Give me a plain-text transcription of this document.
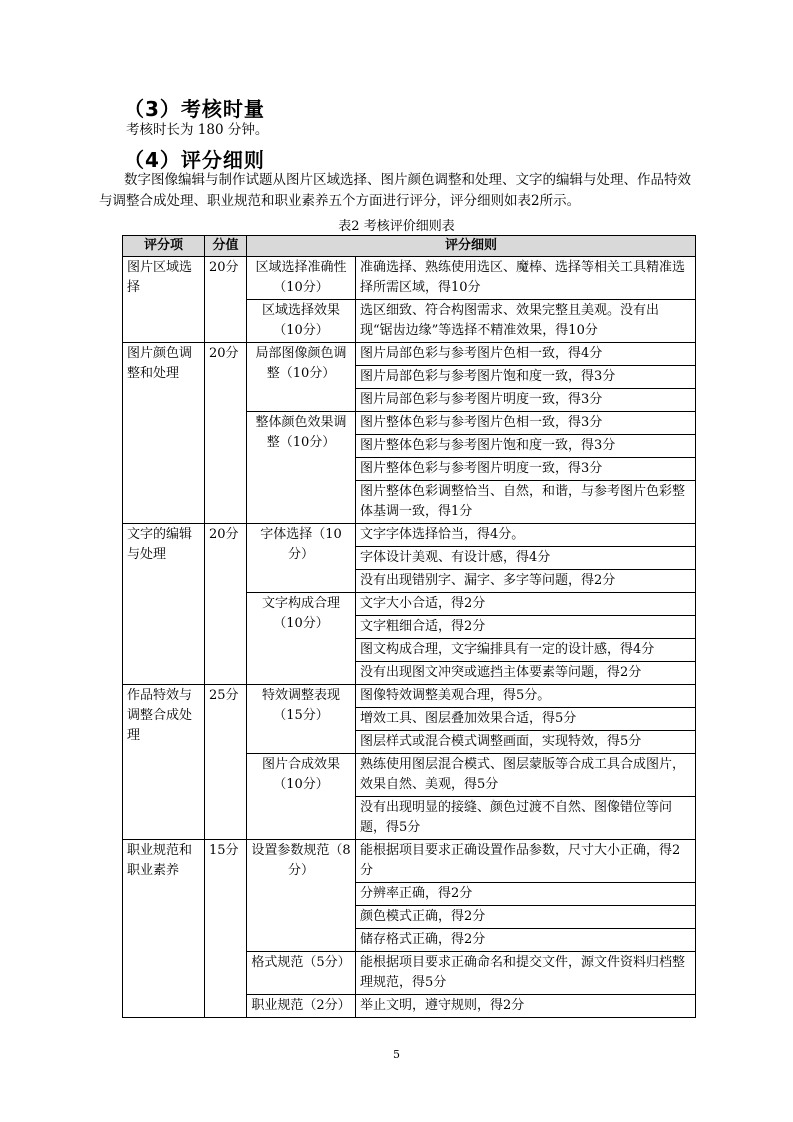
（3）考核时量
考核时长为 180 分钟。
（4）评分细则
数字图像编辑与制作试题从图片区域选择、图片颜色调整和处理、文字的编辑与处理、作品特效
与调整合成处理、职业规范和职业素养五个方面进行评分，评分细则如表2所示。
表2 考核评价细则表
评分项	分值	评分细则	
图片区域选择	20分	区域选择准确性（10分）	准确选择、熟练使用选区、魔棒、选择等相关工具精准选择所需区域，得10分
		区域选择效果（10分）	选区细致、符合构图需求、效果完整且美观。没有出现“锯齿边缘”等选择不精准效果，得10分
图片颜色调整和处理	20分	局部图像颜色调整（10分）	图片局部色彩与参考图片色相一致，得4分
			图片局部色彩与参考图片饱和度一致，得3分
			图片局部色彩与参考图片明度一致，得3分
		整体颜色效果调整（10分）	图片整体色彩与参考图片色相一致，得3分
			图片整体色彩与参考图片饱和度一致，得3分
			图片整体色彩与参考图片明度一致，得3分
			图片整体色彩调整恰当、自然，和谐，与参考图片色彩整体基调一致，得1分
文字的编辑与处理	20分	字体选择（10分）	文字字体选择恰当，得4分。
			字体设计美观、有设计感，得4分
			没有出现错别字、漏字、多字等问题，得2分
		文字构成合理（10分）	文字大小合适，得2分
			文字粗细合适，得2分
			图文构成合理，文字编排具有一定的设计感，得4分
			没有出现图文冲突或遮挡主体要素等问题，得2分
作品特效与调整合成处理	25分	特效调整表现（15分）	图像特效调整美观合理，得5分。
			增效工具、图层叠加效果合适，得5分
			图层样式或混合模式调整画面，实现特效，得5分
		图片合成效果（10分）	熟练使用图层混合模式、图层蒙版等合成工具合成图片，效果自然、美观，得5分
			没有出现明显的接缝、颜色过渡不自然、图像错位等问题，得5分
职业规范和职业素养	15分	设置参数规范（8分）	能根据项目要求正确设置作品参数，尺寸大小正确，得2分
			分辨率正确，得2分
			颜色模式正确，得2分
			储存格式正确，得2分
		格式规范（5分）	能根据项目要求正确命名和提交文件，源文件资料归档整理规范，得5分
		职业规范（2分）	举止文明，遵守规则，得2分
5
